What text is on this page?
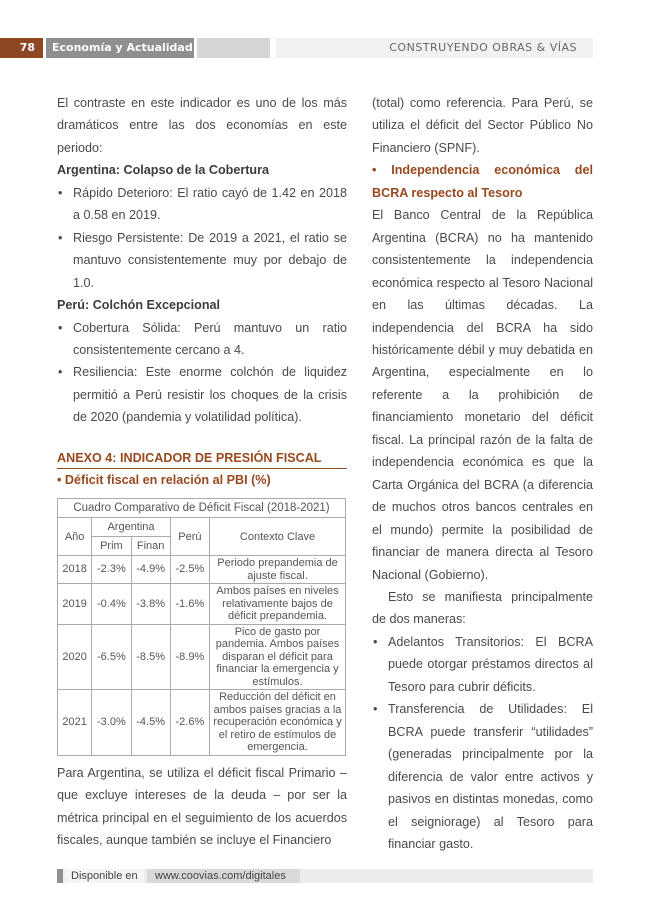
78	Economía y Actualidad	CONSTRUYENDO OBRAS & VÍAS

El contraste en este indicador es uno de los más dramáticos entre las dos economías en este periodo:

Argentina: Colapso de la Cobertura

• Rápido Deterioro: El ratio cayó de 1.42 en 2018 a 0.58 en 2019.
• Riesgo Persistente: De 2019 a 2021, el ratio se mantuvo consistentemente muy por debajo de 1.0.

Perú: Colchón Excepcional

• Cobertura Sólida: Perú mantuvo un ratio consistentemente cercano a 4.
• Resiliencia: Este enorme colchón de liquidez permitió a Perú resistir los choques de la crisis de 2020 (pandemia y volatilidad política).

ANEXO 4: INDICADOR DE PRESIÓN FISCAL

• Déficit fiscal en relación al PBI (%)

Cuadro Comparativo de Déficit Fiscal (2018-2021)				
Año	Argentina		Perú	Contexto Clave
	Prim	Finan		
2018	-2.3%	-4.9%	-2.5%	Periodo prepandemia de ajuste fiscal.
2019	-0.4%	-3.8%	-1.6%	Ambos países en niveles relativamente bajos de déficit prepandemia.
2020	-6.5%	-8.5%	-8.9%	Pico de gasto por pandemia. Ambos países disparan el déficit para financiar la emergencia y estímulos.
2021	-3.0%	-4.5%	-2.6%	Reducción del déficit en ambos países gracias a la recuperación económica y el retiro de estímulos de emergencia.

Para Argentina, se utiliza el déficit fiscal Primario – que excluye intereses de la deuda – por ser la métrica principal en el seguimiento de los acuerdos fiscales, aunque también se incluye el Financiero

(total) como referencia. Para Perú, se utiliza el déficit del Sector Público No Financiero (SPNF).

• Independencia económica del BCRA respecto al Tesoro

El Banco Central de la República Argentina (BCRA) no ha mantenido consistentemente la independencia económica respecto al Tesoro Nacional en las últimas décadas. La independencia del BCRA ha sido históricamente débil y muy debatida en Argentina, especialmente en lo referente a la prohibición de financiamiento monetario del déficit fiscal. La principal razón de la falta de independencia económica es que la Carta Orgánica del BCRA (a diferencia de muchos otros bancos centrales en el mundo) permite la posibilidad de financiar de manera directa al Tesoro Nacional (Gobierno).

Esto se manifiesta principalmente de dos maneras:

• Adelantos Transitorios: El BCRA puede otorgar préstamos directos al Tesoro para cubrir déficits.
• Transferencia de Utilidades: El BCRA puede transferir “utilidades” (generadas principalmente por la diferencia de valor entre activos y pasivos en distintas monedas, como el seigniorage) al Tesoro para financiar gasto.
Disponible en	www.coovias.com/digitales
